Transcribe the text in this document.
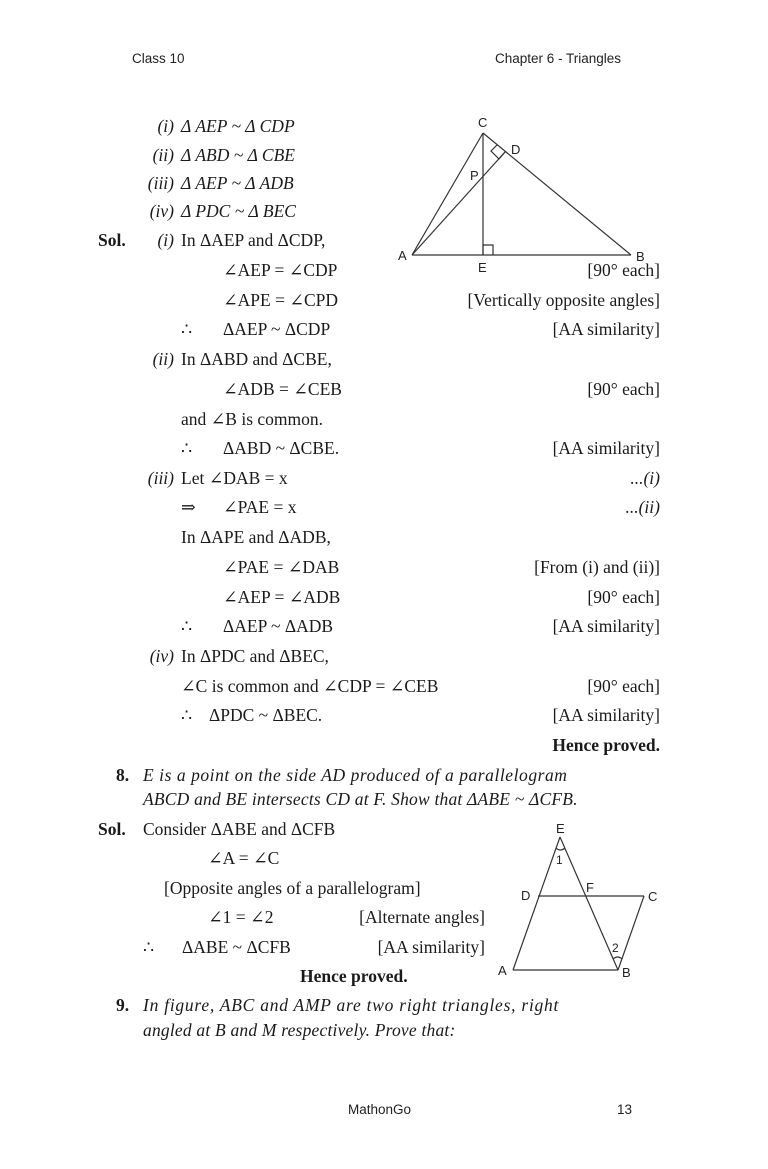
Class 10	Chapter 6 - Triangles
(i) Δ AEP ~ Δ CDP
(ii) Δ ABD ~ Δ CBE
(iii) Δ AEP ~ Δ ADB
(iv) Δ PDC ~ Δ BEC
C
D
P
A
E
B
E
1
D
F
C
2
A	B
Sol. (i) In ΔAEP and ΔCDP,
∠AEP = ∠CDP	[90° each]
∠APE = ∠CPD	[Vertically opposite angles]
∴ ΔAEP ~ ΔCDP	[AA similarity]
(ii) In ΔABD and ΔCBE,
∠ADB = ∠CEB	[90° each]
and ∠B is common.
∴ ΔABD ~ ΔCBE.	[AA similarity]
(iii) Let ∠DAB = x	...(i)
⇒ ∠PAE = x	...(ii)
In ΔAPE and ΔADB,
∠PAE = ∠DAB	[From (i) and (ii)]
∠AEP = ∠ADB	[90° each]
∴ ΔAEP ~ ΔADB	[AA similarity]
(iv) In ΔPDC and ΔBEC,
∠C is common and ∠CDP = ∠CEB	[90° each]
∴ ΔPDC ~ ΔBEC.	[AA similarity]
Hence proved.
8. E is a point on the side AD produced of a parallelogram
ABCD and BE intersects CD at F. Show that ΔABE ~ ΔCFB.
Sol. Consider ΔABE and ΔCFB
∠A = ∠C
[Opposite angles of a parallelogram]
∠1 = ∠2	[Alternate angles]
∴ ΔABE ~ ΔCFB	[AA similarity]
Hence proved.
9. In figure, ABC and AMP are two right triangles, right
angled at B and M respectively. Prove that:
MathonGo	13
